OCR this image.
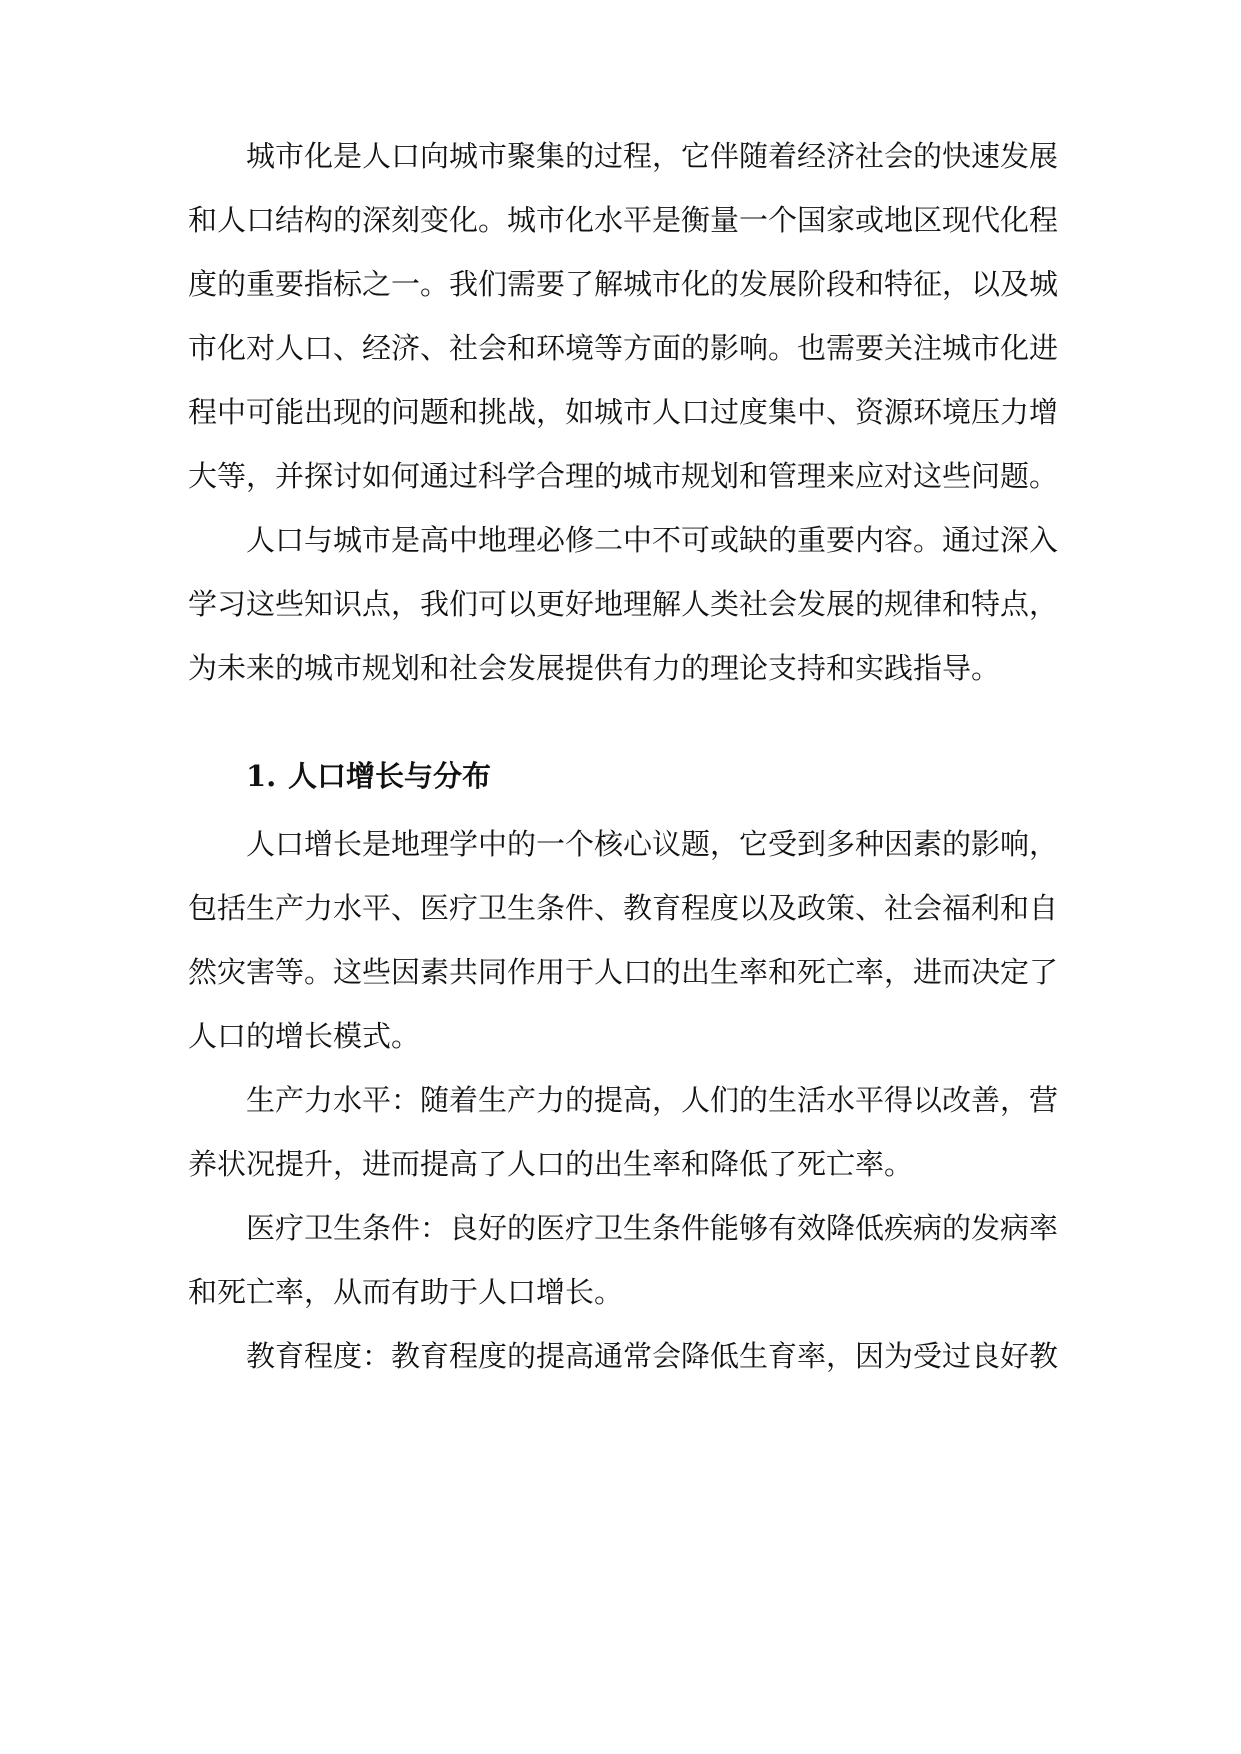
城市化是人口向城市聚集的过程，它伴随着经济社会的快速发展
和人口结构的深刻变化。城市化水平是衡量一个国家或地区现代化程
度的重要指标之一。我们需要了解城市化的发展阶段和特征，以及城
市化对人口、经济、社会和环境等方面的影响。也需要关注城市化进
程中可能出现的问题和挑战，如城市人口过度集中、资源环境压力增
大等，并探讨如何通过科学合理的城市规划和管理来应对这些问题。
人口与城市是高中地理必修二中不可或缺的重要内容。通过深入
学习这些知识点，我们可以更好地理解人类社会发展的规律和特点，
为未来的城市规划和社会发展提供有力的理论支持和实践指导。
1. 人口增长与分布
人口增长是地理学中的一个核心议题，它受到多种因素的影响，
包括生产力水平、医疗卫生条件、教育程度以及政策、社会福利和自
然灾害等。这些因素共同作用于人口的出生率和死亡率，进而决定了
人口的增长模式。
生产力水平：随着生产力的提高，人们的生活水平得以改善，营
养状况提升，进而提高了人口的出生率和降低了死亡率。
医疗卫生条件：良好的医疗卫生条件能够有效降低疾病的发病率
和死亡率，从而有助于人口增长。
教育程度：教育程度的提高通常会降低生育率，因为受过良好教
